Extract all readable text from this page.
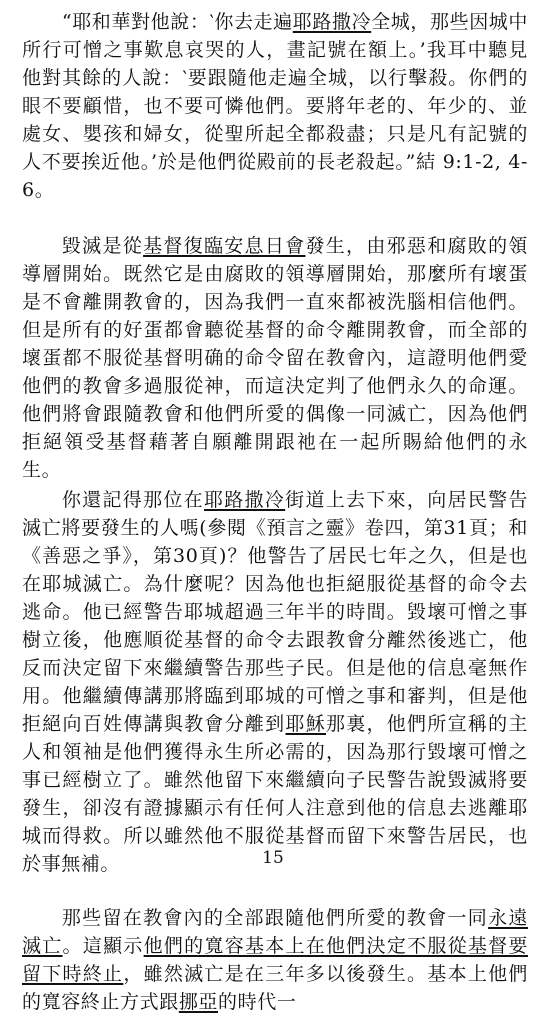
“耶和華對他說：‵你去走遍耶路撒冷全城，那些因城中所行可憎之事歎息哀哭的人，畫記號在額上。’我耳中聽見他對其餘的人說：‵要跟隨他走遍全城，以行擊殺。你們的眼不要顧惜，也不要可憐他們。要將年老的、年少的、並處女、嬰孩和婦女，從聖所起全都殺盡；只是凡有記號的人不要挨近他。’於是他們從殿前的長老殺起。”結 9:1-2, 4-6。

毀滅是從基督復臨安息日會發生，由邪惡和腐敗的領導層開始。既然它是由腐敗的領導層開始，那麼所有壞蛋是不會離開教會的，因為我們一直來都被洗腦相信他們。但是所有的好蛋都會聽從基督的命令離開教會，而全部的壞蛋都不服從基督明确的命令留在教會內，這證明他們愛他們的教會多過服從神，而這決定判了他們永久的命運。他們將會跟隨教會和他們所愛的偶像一同滅亡，因為他們拒絕領受基督藉著自願離開跟祂在一起所賜給他們的永生。

你還記得那位在耶路撒冷街道上去下來，向居民警告滅亡將要發生的人嗎(參閱《預言之靈》卷四，第31頁；和《善惡之爭》，第30頁)？他警告了居民七年之久，但是也在耶城滅亡。為什麼呢？因為他也拒絕服從基督的命令去逃命。他已經警告耶城超過三年半的時間。毀壞可憎之事樹立後，他應順從基督的命令去跟教會分離然後逃亡，他反而決定留下來繼續警告那些子民。但是他的信息毫無作用。他繼續傳講那將臨到耶城的可憎之事和審判，但是他拒絕向百姓傳講與教會分離到耶穌那裏，他們所宣稱的主人和領袖是他們獲得永生所必需的，因為那行毀壞可憎之事已經樹立了。雖然他留下來繼續向子民警告說毀滅將要發生，卻沒有證據顯示有任何人注意到他的信息去逃離耶城而得救。所以雖然他不服從基督而留下來警告居民，也於事無補。

那些留在教會內的全部跟隨他們所愛的教會一同永遠滅亡。這顯示他們的寬容基本上在他們決定不服從基督要留下時終止，雖然滅亡是在三年多以後發生。基本上他們的寬容終止方式跟挪亞的時代一

15
